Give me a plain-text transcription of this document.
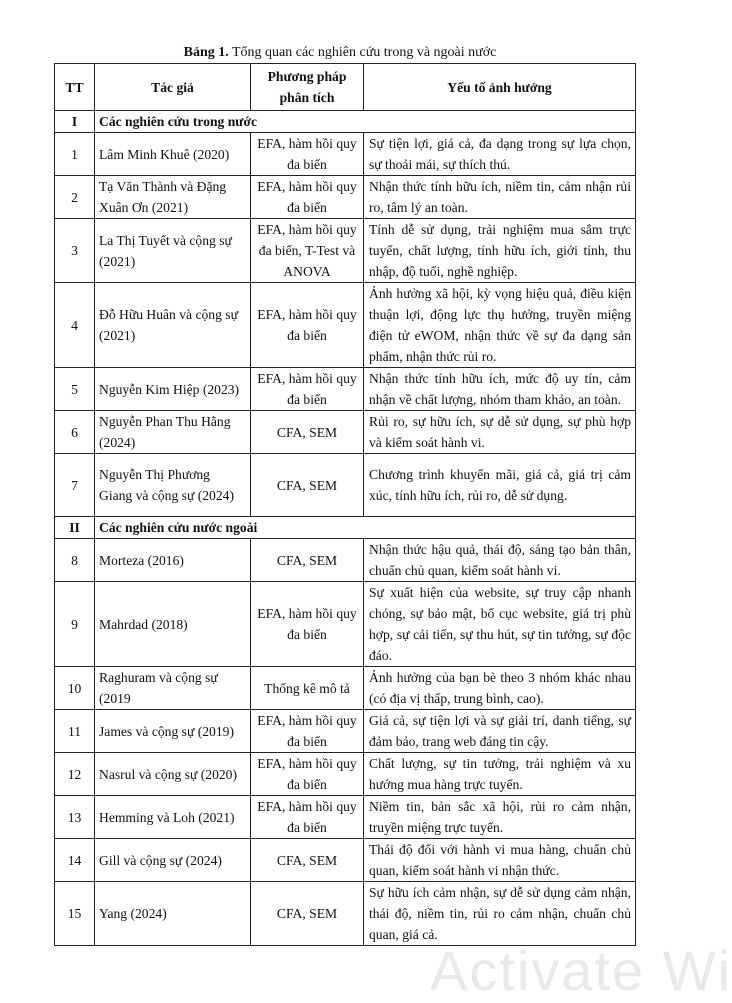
Bảng 1. Tổng quan các nghiên cứu trong và ngoài nước
TT	Tác giả	Phương pháp phân tích	Yếu tố ảnh hưởng
I	Các nghiên cứu trong nước		
1	Lâm Minh Khuê (2020)	EFA, hàm hồi quy đa biến	Sự tiện lợi, giá cả, đa dạng trong sự lựa chọn, sự thoải mái, sự thích thú.
2	Tạ Văn Thành và Đặng Xuân Ơn (2021)	EFA, hàm hồi quy đa biến	Nhận thức tính hữu ích, niềm tin, cảm nhận rủi ro, tâm lý an toàn.
3	La Thị Tuyết và cộng sự (2021)	EFA, hàm hồi quy đa biến, T-Test và ANOVA	Tính dễ sử dụng, trải nghiệm mua sắm trực tuyến, chất lượng, tính hữu ích, giới tính, thu nhập, độ tuổi, nghề nghiệp.
4	Đỗ Hữu Huân và cộng sự (2021)	EFA, hàm hồi quy đa biến	Ảnh hưởng xã hội, kỳ vọng hiệu quả, điều kiện thuận lợi, động lực thụ hưởng, truyền miệng điện tử eWOM, nhận thức về sự đa dạng sản phẩm, nhận thức rủi ro.
5	Nguyễn Kim Hiệp (2023)	EFA, hàm hồi quy đa biến	Nhận thức tính hữu ích, mức độ uy tín, cảm nhận về chất lượng, nhóm tham khảo, an toàn.
6	Nguyễn Phan Thu Hằng (2024)	CFA, SEM	Rủi ro, sự hữu ích, sự dễ sử dụng, sự phù hợp và kiểm soát hành vi.
7	Nguyễn Thị Phương Giang và cộng sự (2024)	CFA, SEM	Chương trình khuyến mãi, giá cả, giá trị cảm xúc, tính hữu ích, rủi ro, dễ sử dụng.
II	Các nghiên cứu nước ngoài		
8	Morteza (2016)	CFA, SEM	Nhận thức hậu quả, thái độ, sáng tạo bản thân, chuẩn chủ quan, kiểm soát hành vi.
9	Mahrdad (2018)	EFA, hàm hồi quy đa biến	Sự xuất hiện của website, sự truy cập nhanh chóng, sự bảo mật, bố cục website, giá trị phù hợp, sự cải tiến, sự thu hút, sự tin tưởng, sự độc đáo.
10	Raghuram và cộng sự (2019	Thống kê mô tả	Ảnh hưởng của bạn bè theo 3 nhóm khác nhau (có địa vị thấp, trung bình, cao).
11	James và cộng sự (2019)	EFA, hàm hồi quy đa biến	Giá cả, sự tiện lợi và sự giải trí, danh tiếng, sự đảm bảo, trang web đáng tin cậy.
12	Nasrul và cộng sự (2020)	EFA, hàm hồi quy đa biến	Chất lượng, sự tin tưởng, trải nghiệm và xu hướng mua hàng trực tuyến.
13	Hemming và Loh (2021)	EFA, hàm hồi quy đa biến	Niềm tin, bản sắc xã hội, rủi ro cảm nhận, truyền miệng trực tuyến.
14	Gill và cộng sự (2024)	CFA, SEM	Thái độ đối với hành vi mua hàng, chuẩn chủ quan, kiểm soát hành vi nhận thức.
15	Yang (2024)	CFA, SEM	Sự hữu ích cảm nhận, sự dễ sử dụng cảm nhận, thái độ, niềm tin, rủi ro cảm nhận, chuẩn chủ quan, giá cả.
Activate Wi
